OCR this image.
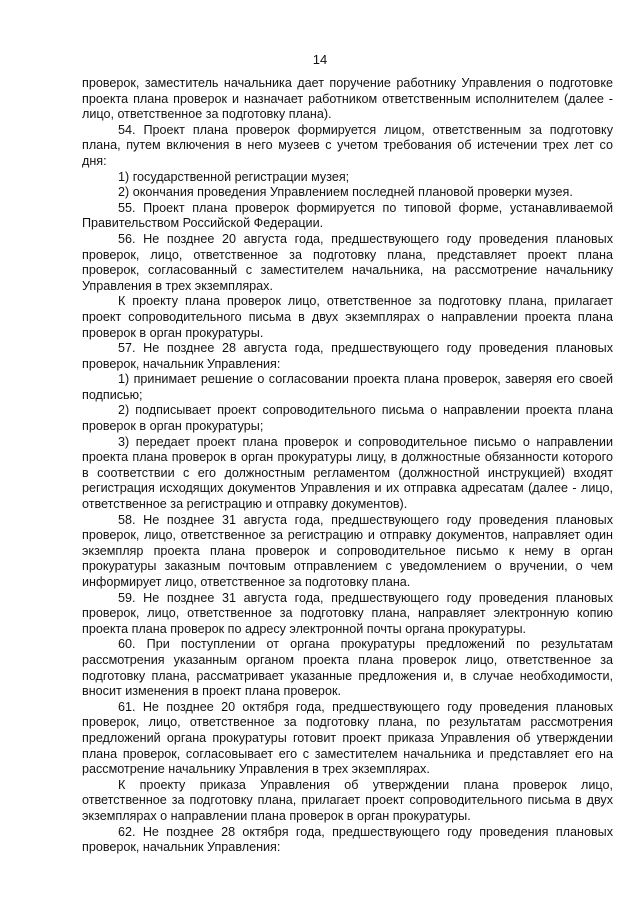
14

проверок, заместитель начальника дает поручение работнику Управления о подготовке проекта плана проверок и назначает работником ответственным исполнителем (далее - лицо, ответственное за подготовку плана).

54. Проект плана проверок формируется лицом, ответственным за подготовку плана, путем включения в него музеев с учетом требования об истечении трех лет со дня:

1) государственной регистрации музея;

2) окончания проведения Управлением последней плановой проверки музея.

55. Проект плана проверок формируется по типовой форме, устанавливаемой Правительством Российской Федерации.

56. Не позднее 20 августа года, предшествующего году проведения плановых проверок, лицо, ответственное за подготовку плана, представляет проект плана проверок, согласованный с заместителем начальника, на рассмотрение начальнику Управления в трех экземплярах.

К проекту плана проверок лицо, ответственное за подготовку плана, прилагает проект сопроводительного письма в двух экземплярах о направлении проекта плана проверок в орган прокуратуры.

57. Не позднее 28 августа года, предшествующего году проведения плановых проверок, начальник Управления:

1) принимает решение о согласовании проекта плана проверок, заверяя его своей подписью;

2) подписывает проект сопроводительного письма о направлении проекта плана проверок в орган прокуратуры;

3) передает проект плана проверок и сопроводительное письмо о направлении проекта плана проверок в орган прокуратуры лицу, в должностные обязанности которого в соответствии с его должностным регламентом (должностной инструкцией) входят регистрация исходящих документов Управления и их отправка адресатам (далее - лицо, ответственное за регистрацию и отправку документов).

58. Не позднее 31 августа года, предшествующего году проведения плановых проверок, лицо, ответственное за регистрацию и отправку документов, направляет один экземпляр проекта плана проверок и сопроводительное письмо к нему в орган прокуратуры заказным почтовым отправлением с уведомлением о вручении, о чем информирует лицо, ответственное за подготовку плана.

59. Не позднее 31 августа года, предшествующего году проведения плановых проверок, лицо, ответственное за подготовку плана, направляет электронную копию проекта плана проверок по адресу электронной почты органа прокуратуры.

60. При поступлении от органа прокуратуры предложений по результатам рассмотрения указанным органом проекта плана проверок лицо, ответственное за подготовку плана, рассматривает указанные предложения и, в случае необходимости, вносит изменения в проект плана проверок.

61. Не позднее 20 октября года, предшествующего году проведения плановых проверок, лицо, ответственное за подготовку плана, по результатам рассмотрения предложений органа прокуратуры готовит проект приказа Управления об утверждении плана проверок, согласовывает его с заместителем начальника и представляет его на рассмотрение начальнику Управления в трех экземплярах.

К проекту приказа Управления об утверждении плана проверок лицо, ответственное за подготовку плана, прилагает проект сопроводительного письма в двух экземплярах о направлении плана проверок в орган прокуратуры.

62. Не позднее 28 октября года, предшествующего году проведения плановых проверок, начальник Управления:
